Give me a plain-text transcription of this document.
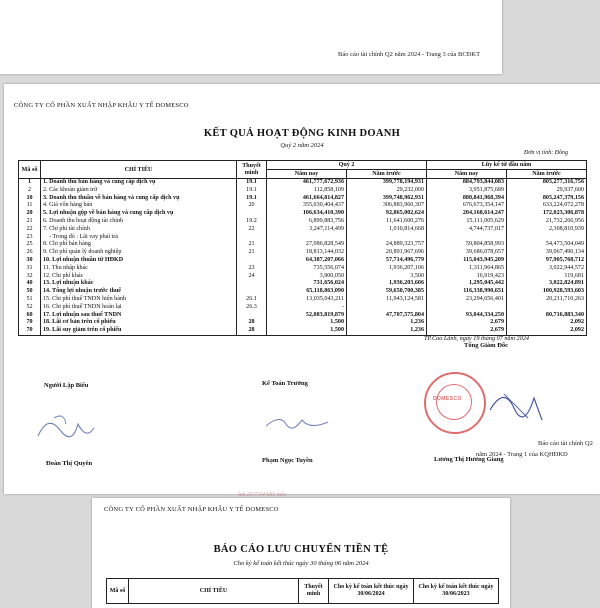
Báo cáo tài chính Q2 năm 2024 - Trang 3 của BCĐKT
CÔNG TY CỔ PHẦN XUẤT NHẬP KHẨU Y TẾ DOMESCO
KẾT QUẢ HOẠT ĐỘNG KINH DOANH
Quý 2 năm 2024
Đơn vị tính: Đồng
Mã số	CHỈ TIÊU	Thuyết minh	Quý 2		Lũy kế từ đầu năm	
			Năm nay	Năm trước	Năm nay	Năm trước
1	1. Doanh thu bán hàng và cung cấp dịch vụ	19.1	461,777,672,936	399,778,194,931	884,793,844,083	805,277,316,756
2	2. Các khoản giảm trừ	19.1	112,858,109	29,232,000	3,951,875,689	29,937,600
10	3. Doanh thu thuần về bán hàng và cung cấp dịch vụ	19.1	461,664,814,827	399,748,962,931	880,841,968,394	805,247,379,156
11	4. Giá vốn hàng bán	20	355,030,404,437	306,883,960,307	676,673,354,147	633,224,072,278
20	5. Lợi nhuận gộp về bán hàng và cung cấp dịch vụ		106,634,410,390	92,865,002,624	204,168,614,247	172,023,306,878
21	6. Doanh thu hoạt động tài chính	19.2	6,899,883,756	11,641,600,276	15,111,005,629	21,732,266,956
22	7. Chi phí tài chính	22	3,247,114,499	1,010,814,668	4,744,737,017	2,308,810,939
23	- Trong đó : Lãi vay phải trả					
25	8. Chi phí bán hàng	21	27,086,828,549	24,889,323,757	59,804,858,993	54,473,504,049
26	9. Chi phí quản lý doanh nghiệp	21	18,813,144,032	20,891,967,696	39,686,078,657	39,067,490,134
30	10. Lợi nhuận thuần từ HĐKD		64,387,207,066	57,714,496,779	115,043,945,209	97,905,768,712
31	11. Thu nhập khác	23	735,556,074	1,936,207,106	1,311,964,865	3,022,944,572
32	12. Chi phí khác	24	3,900,050	3,500	16,919,423	119,681
40	13. Lợi nhuận khác		731,656,024	1,936,203,606	1,295,045,442	3,022,824,891
50	14. Tổng lợi nhuận trước thuế		65,118,863,090	59,650,700,385	116,338,990,651	100,928,593,603
51	15. Chi phí thuế TNDN hiện hành	26.1	13,035,043,211	11,943,124,581	23,294,656,401	20,211,710,263
52	16. Chi phí thuế TNDN hoãn lại	26.3	-			
60	17. Lợi nhuận sau thuế TNDN		52,083,819,879	47,707,575,804	93,044,334,250	80,716,883,340
70	18. Lãi cơ bản trên cổ phiếu	28	1,500	1,236	2,679	2,092
70	19. Lãi suy giảm trên cổ phiếu	28	1,500	1,236	2,679	2,092
TP.Cao Lãnh, ngày 19 tháng 07 năm 2024
Người Lập Biểu	Kế Toán Trưởng
Tổng Giám Đốc
DOMESCO
Đoàn Thị Quyên	Phạm Ngọc Tuyền	Lương Thị Hương Giang
Báo cáo tài chính Q2
năm 2024 - Trang 1 của KQHĐKD
lck 25/7/24 6h5 min
CÔNG TY CỔ PHẦN XUẤT NHẬP KHẨU Y TẾ DOMESCO
BÁO CÁO LƯU CHUYỂN TIỀN TỆ
Cho kỳ kế toán kết thúc ngày 30 tháng 06 năm 2024
Mã số	CHỈ TIÊU	Thuyết minh	Cho kỳ kế toán kết thúc ngày 30/06/2024	Cho kỳ kế toán kết thúc ngày 30/06/2023
